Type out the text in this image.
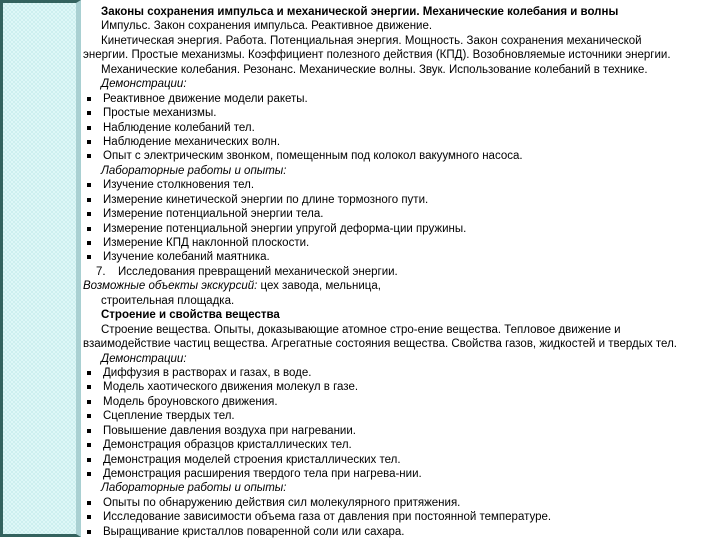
Законы сохранения импульса и механической энергии. Механические колебания и волны
Импульс. Закон сохранения импульса. Реактивное движение.
Кинетическая энергия. Работа. Потенциальная энергия. Мощность. Закон сохранения механической
энергии. Простые механизмы. Коэффициент полезного действия (КПД). Возобновляемые источники энергии.
Механические колебания. Резонанс. Механические волны. Звук. Использование колебаний в технике.
Демонстрации:
Реактивное движение модели ракеты.
Простые механизмы.
Наблюдение колебаний тел.
Наблюдение механических волн.
Опыт с электрическим звонком, помещенным под колокол вакуумного насоса.
Лабораторные работы и опыты:
Изучение столкновения тел.
Измерение кинетической энергии по длине тормозного пути.
Измерение потенциальной энергии тела.
Измерение потенциальной энергии упругой деформа-ции пружины.
Измерение КПД наклонной плоскости.
Изучение колебаний маятника.
7. Исследования превращений механической энергии.
Возможные объекты экскурсий: цех завода, мельница,
строительная площадка.
Строение и свойства вещества
Строение вещества. Опыты, доказывающие атомное стро-ение вещества. Тепловое движение и
взаимодействие частиц вещества. Агрегатные состояния вещества. Свойства газов, жидкостей и твердых тел.
Демонстрации:
Диффузия в растворах и газах, в воде.
Модель хаотического движения молекул в газе.
Модель броуновского движения.
Сцепление твердых тел.
Повышение давления воздуха при нагревании.
Демонстрация образцов кристаллических тел.
Демонстрация моделей строения кристаллических тел.
Демонстрация расширения твердого тела при нагрева-нии.
Лабораторные работы и опыты:
Опыты по обнаружению действия сил молекулярного притяжения.
Исследование зависимости объема газа от давления при постоянной температуре.
Выращивание кристаллов поваренной соли или сахара.
